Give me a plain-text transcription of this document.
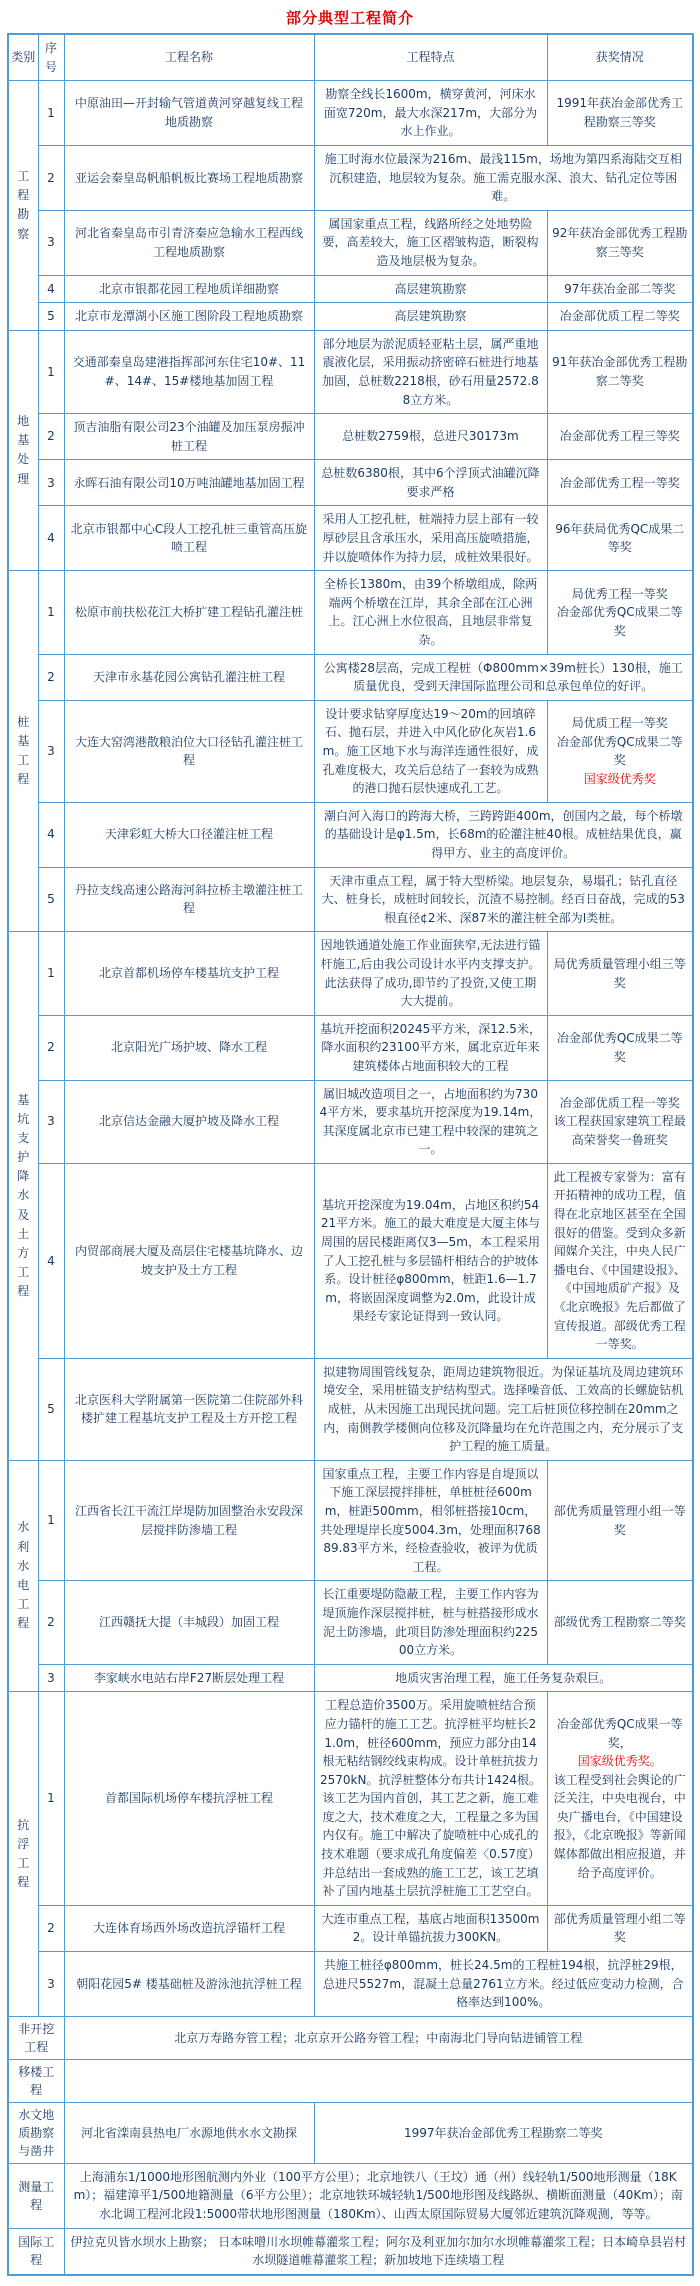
部分典型工程简介
类别	序号	工程名称	工程特点	获奖情况
工程勘察	1	中原油田—开封输气管道黄河穿越复线工程地质勘察	勘察全线长1600m，横穿黄河，河床水面宽720m，最大水深217m，大部分为水上作业。	1991年获冶金部优秀工程勘察三等奖

	2	亚运会秦皇岛帆船帆板比赛场工程地质勘察	施工时海水位最深为216m、最浅115m，场地为第四系海陆交互相沉积建造，地层较为复杂。施工需克服水深、浪大、钻孔定位等困难。	
	3	河北省秦皇岛市引青济秦应急输水工程西线工程地质勘察	属国家重点工程，线路所经之处地势险要，高差较大，施工区褶皱构造，断裂构造及地层极为复杂。	92年获冶金部优秀工程勘察三等奖

	4	北京市银都花园工程地质详细勘察	高层建筑勘察	97年获冶金部二等奖

	5	北京市龙潭湖小区施工图阶段工程地质勘察	高层建筑勘察	冶金部优质工程二等奖

地基处理	1	交通部秦皇岛建港指挥部河东住宅10#、11#、14#、15#楼地基加固工程	部分地层为淤泥质轻亚粘土层，属严重地震液化层，采用振动挤密碎石桩进行地基加固，总桩数2218根，砂石用量2572.88立方米。	91年获冶金部优秀工程勘察二等奖

	2	顶吉油脂有限公司23个油罐及加压泵房振冲桩工程	总桩数2759根，总进尺30173m	冶金部优秀工程三等奖

	3	永晖石油有限公司10万吨油罐地基加固工程	总桩数6380根，其中6个浮顶式油罐沉降要求严格	冶金部优秀工程一等奖

	4	北京市银都中心C段人工挖孔桩三重管高压旋喷工程	采用人工挖孔桩，桩端持力层上部有一较厚砂层且含承压水，采用高压旋喷措施，并以旋喷体作为持力层，成桩效果很好。	96年获局优秀QC成果二等奖

桩基工程	1	松原市前扶松花江大桥扩建工程钻孔灌注桩	全桥长1380m，由39个桥墩组成，除两端两个桥墩在江岸，其余全部在江心洲上。江心洲上水位很高，且地层非常复杂。	局优秀工程一等奖
冶金部优秀QC成果二等奖

	2	天津市永基花园公寓钻孔灌注桩工程	公寓楼28层高，完成工程桩（Φ800mm×39m桩长）130根，施工质量优良，受到天津国际监理公司和总承包单位的好评。	
	3	大连大窑湾港散粮泊位大口径钻孔灌注桩工程	设计要求钻穿厚度达19～20m的回填碎石、抛石层，并进入中风化矽化灰岩1.6m。施工区地下水与海洋连通性很好，成孔难度极大，攻关后总结了一套较为成熟的港口抛石层快速成孔工艺。	局优质工程一等奖
冶金部优秀QC成果二等奖
国家级优秀奖

	4	天津彩虹大桥大口径灌注桩工程	潮白河入海口的跨海大桥，三跨跨距400m，创国内之最，每个桥墩的基础设计是φ1.5m，长68m的砼灌注桩40根。成桩结果优良，赢得甲方、业主的高度评价。	
	5	丹拉支线高速公路海河斜拉桥主墩灌注桩工程	天津市重点工程，属于特大型桥梁。地层复杂，易塌孔；钻孔直径大、桩身长，成桩时间较长，沉渣不易控制。经百日奋战，完成的53根直径¢2米、深87米的灌注桩全部为Ⅰ类桩。	
基坑支护降水及土方工程	1	北京首都机场停车楼基坑支护工程	因地铁通道处施工作业面狭窄,无法进行锚杆施工,后由我公司设计水平内支撑支护。此法获得了成功,即节约了投资,又使工期大大提前。	局优秀质量管理小组三等奖

	2	北京阳光广场护坡、降水工程	基坑开挖面积20245平方米，深12.5米，降水面积约23100平方米，属北京近年来建筑楼体占地面积较大的工程	冶金部优秀QC成果二等奖

	3	北京信达金融大厦护坡及降水工程	属旧城改造项目之一，占地面积约为7304平方米，要求基坑开挖深度为19.14m，其深度属北京市已建工程中较深的建筑之一。	冶金部优质工程一等奖
该工程获国家建筑工程最高荣誉奖一鲁班奖

	4	内贸部商展大厦及高层住宅楼基坑降水、边坡支护及土方工程	基坑开挖深度为19.04m，占地区积约5421平方米。施工的最大难度是大厦主体与周围的居民楼距离仅3—5m，本工程采用了人工挖孔桩与多层锚杆相结合的护坡体系。设计桩径φ800mm，桩距1.6—1.7m，将嵌固深度调整为2.0m，此设计成果经专家论证得到一致认同。	此工程被专家誉为：富有开拓精神的成功工程，值得在北京地区甚至在全国很好的借鉴。受到众多新闻媒介关注，中央人民广播电台、《中国建设报》、《中国地质矿产报》及《北京晚报》先后都做了宣传报道。部级优秀工程一等奖。

	5	北京医科大学附属第一医院第二住院部外科楼扩建工程基坑支护工程及土方开挖工程	拟建物周围管线复杂，距周边建筑物很近。为保证基坑及周边建筑环境安全，采用桩锚支护结构型式。选择噪音低、工效高的长螺旋钻机成桩，从未因施工出现民扰问题。完工后桩顶位移控制在20mm之内，南侧教学楼侧向位移及沉降量均在允许范围之内，充分展示了支护工程的施工质量。	
水利水电工程	1	江西省长江干流江岸堤防加固整治永安段深层搅拌防渗墙工程	国家重点工程，主要工作内容是自堤顶以下施工深层搅拌排桩，单桩桩径600mm，桩距500mm，相邻桩搭接10cm，共处理堤岸长度5004.3m，处理面积76889.83平方米，经检查验收，被评为优质工程。	部优秀质量管理小组一等奖

	2	江西赣抚大提（丰城段）加固工程	长江重要堤防隐蔽工程，主要工作内容为堤顶施作深层搅拌桩，桩与桩搭接形成水泥土防渗墙，此项目防渗处理面积约22500立方米。	部级优秀工程勘察二等奖

	3	李家峡水电站右岸F27断层处理工程	地质灾害治理工程，施工任务复杂艰巨。	
抗浮工程	1	首都国际机场停车楼抗浮桩工程	工程总造价3500万。采用旋喷桩结合预应力锚杆的施工工艺。抗浮桩平均桩长21.0m，桩径600mm，预应力部分由14根无粘结钢绞线束构成。设计单桩抗拔力2570kN。抗浮桩整体分布共计1424根。该工艺为国内首创，其工艺之新，施工难度之大，技术难度之大，工程量之多为国内仅有。施工中解决了旋喷桩中心成孔的技术难题（要求成孔角度偏差〈0.57度）并总结出一套成熟的施工工艺，该工艺填补了国内地基土层抗浮桩施工工艺空白。	
冶金部优秀QC成果一等奖，
国家级优秀奖。
该工程受到社会舆论的广泛关注，中央电视台，中央广播电台，《中国建设报》，《北京晚报》等新闻媒体都做出相应报道，并给予高度评价。

	2	大连体育场西外场改造抗浮锚杆工程	大连市重点工程，基底占地面积13500m2。设计单锚抗拔力300KN。	部优秀质量管理小组二等奖

	3	朝阳花园5# 楼基础桩及游泳池抗浮桩工程	共施工桩径φ800mm，桩长24.5m的工程桩194根，抗浮桩29根，总进尺5527m，混凝土总量2761立方米。经过低应变动力检测，合格率达到100%。	
非开挖工程		北京万寿路夯管工程；北京京开公路夯管工程；中南海北门导向钻进铺管工程		
移楼工程				
水文地质勘察与凿井		河北省滦南县热电厂水源地供水水文勘探	1997年获冶金部优秀工程勘察二等奖	
测量工程		上海浦东1/1000地形图航测内外业（100平方公里）；北京地铁八（王坟）通（州）线轻轨1/500地形测量（18Km）；福建漳平1/500地籍测量（6平方公里）；北京地铁环城轻轨1/500地形图及线路纵、横断面测量（40Km）；南水北调工程河北段1:5000带状地形图测量（180Km）、山西太原国际贸易大厦邻近建筑沉降观测，等等。		
国际工程		伊拉克贝皆水坝水上勘察； 日本味噌川水坝帷幕灌浆工程；阿尔及利亚加尔加尔水坝帷幕灌浆工程；日本崎阜县岩村水坝隧道帷幕灌浆工程；新加坡地下连续墙工程		
